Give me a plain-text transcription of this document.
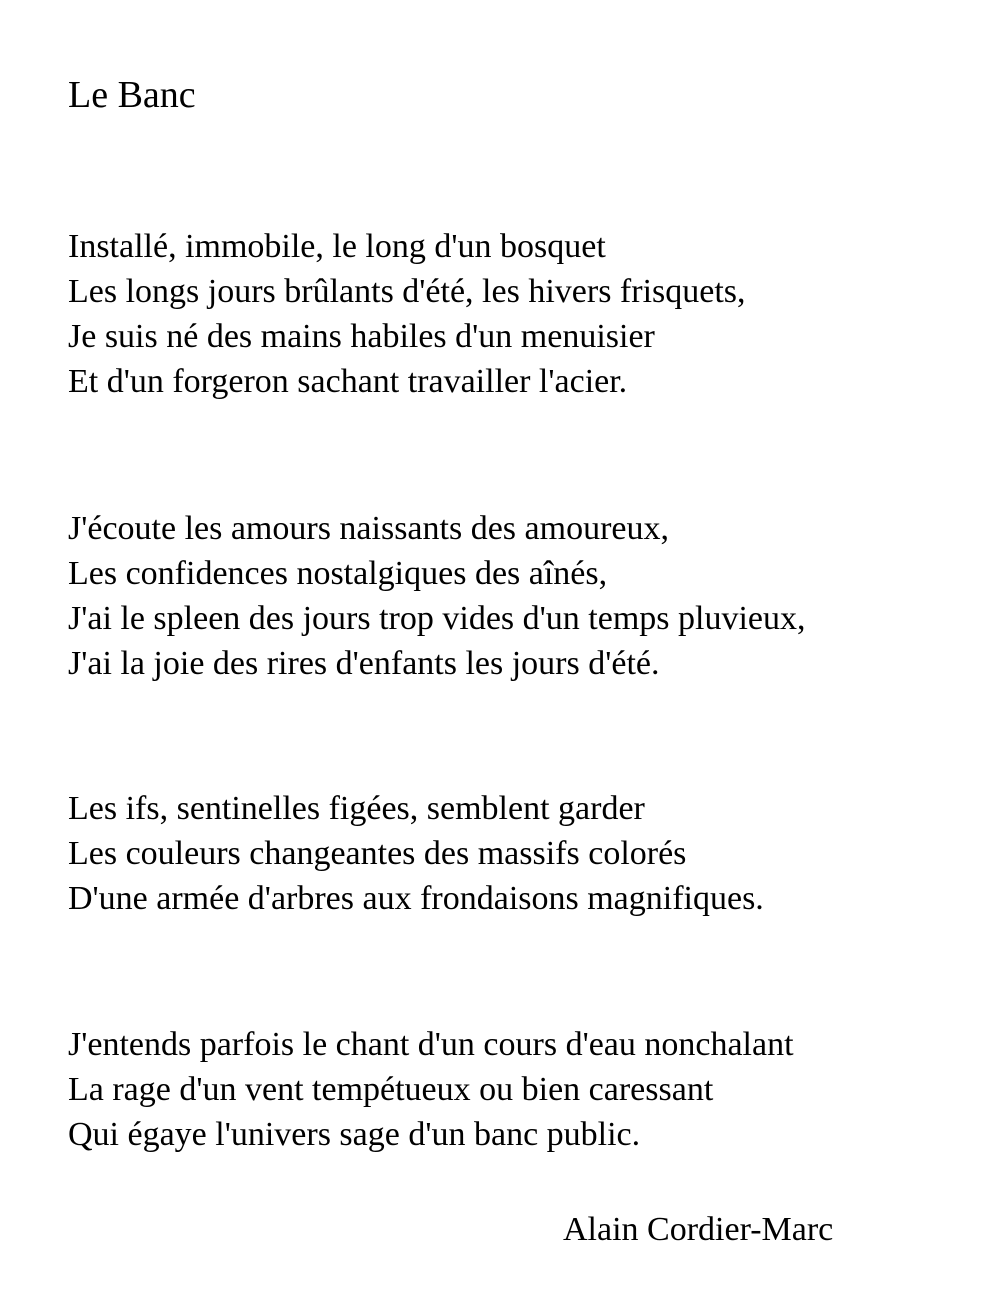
Le Banc

Installé, immobile, le long d'un bosquet
Les longs jours brûlants d'été, les hivers frisquets,
Je suis né des mains habiles d'un menuisier
Et d'un forgeron sachant travailler l'acier.

J'écoute les amours naissants des amoureux,
Les confidences nostalgiques des aînés,
J'ai le spleen des jours trop vides d'un temps pluvieux,
J'ai la joie des rires d'enfants les jours d'été.

Les ifs, sentinelles figées, semblent garder
Les couleurs changeantes des massifs colorés
D'une armée d'arbres aux frondaisons magnifiques.

J'entends parfois le chant d'un cours d'eau nonchalant
La rage d'un vent tempétueux ou bien caressant
Qui égaye l'univers sage d'un banc public.

Alain Cordier-Marc
